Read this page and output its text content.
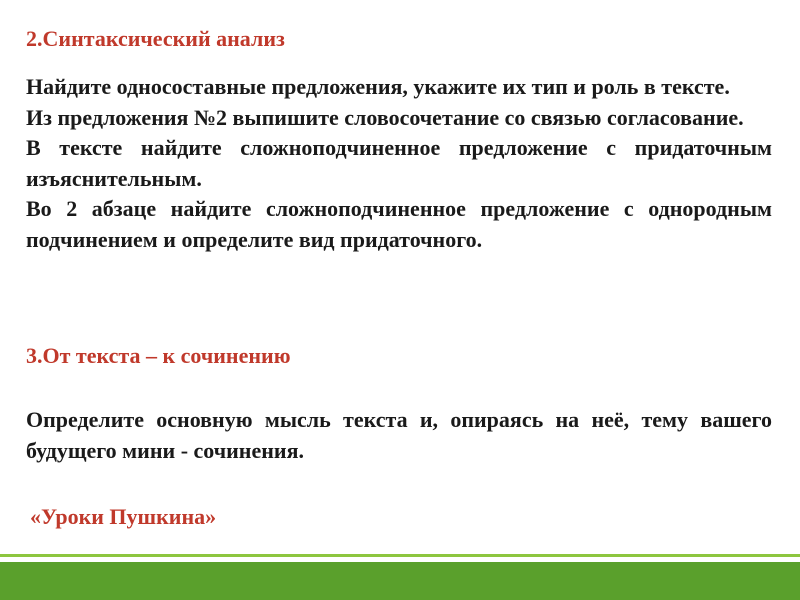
2.Синтаксический анализ

Найдите односоставные предложения, укажите их тип и роль в тексте.

Из предложения №2 выпишите словосочетание со связью согласование.

В тексте найдите сложноподчиненное предложение с придаточным изъяснительным.

Во 2 абзаце найдите сложноподчиненное предложение с однородным подчинением и определите вид придаточного.

3.От текста – к сочинению

Определите основную мысль текста и, опираясь на неё, тему вашего будущего мини - сочинения.

«Уроки Пушкина»
